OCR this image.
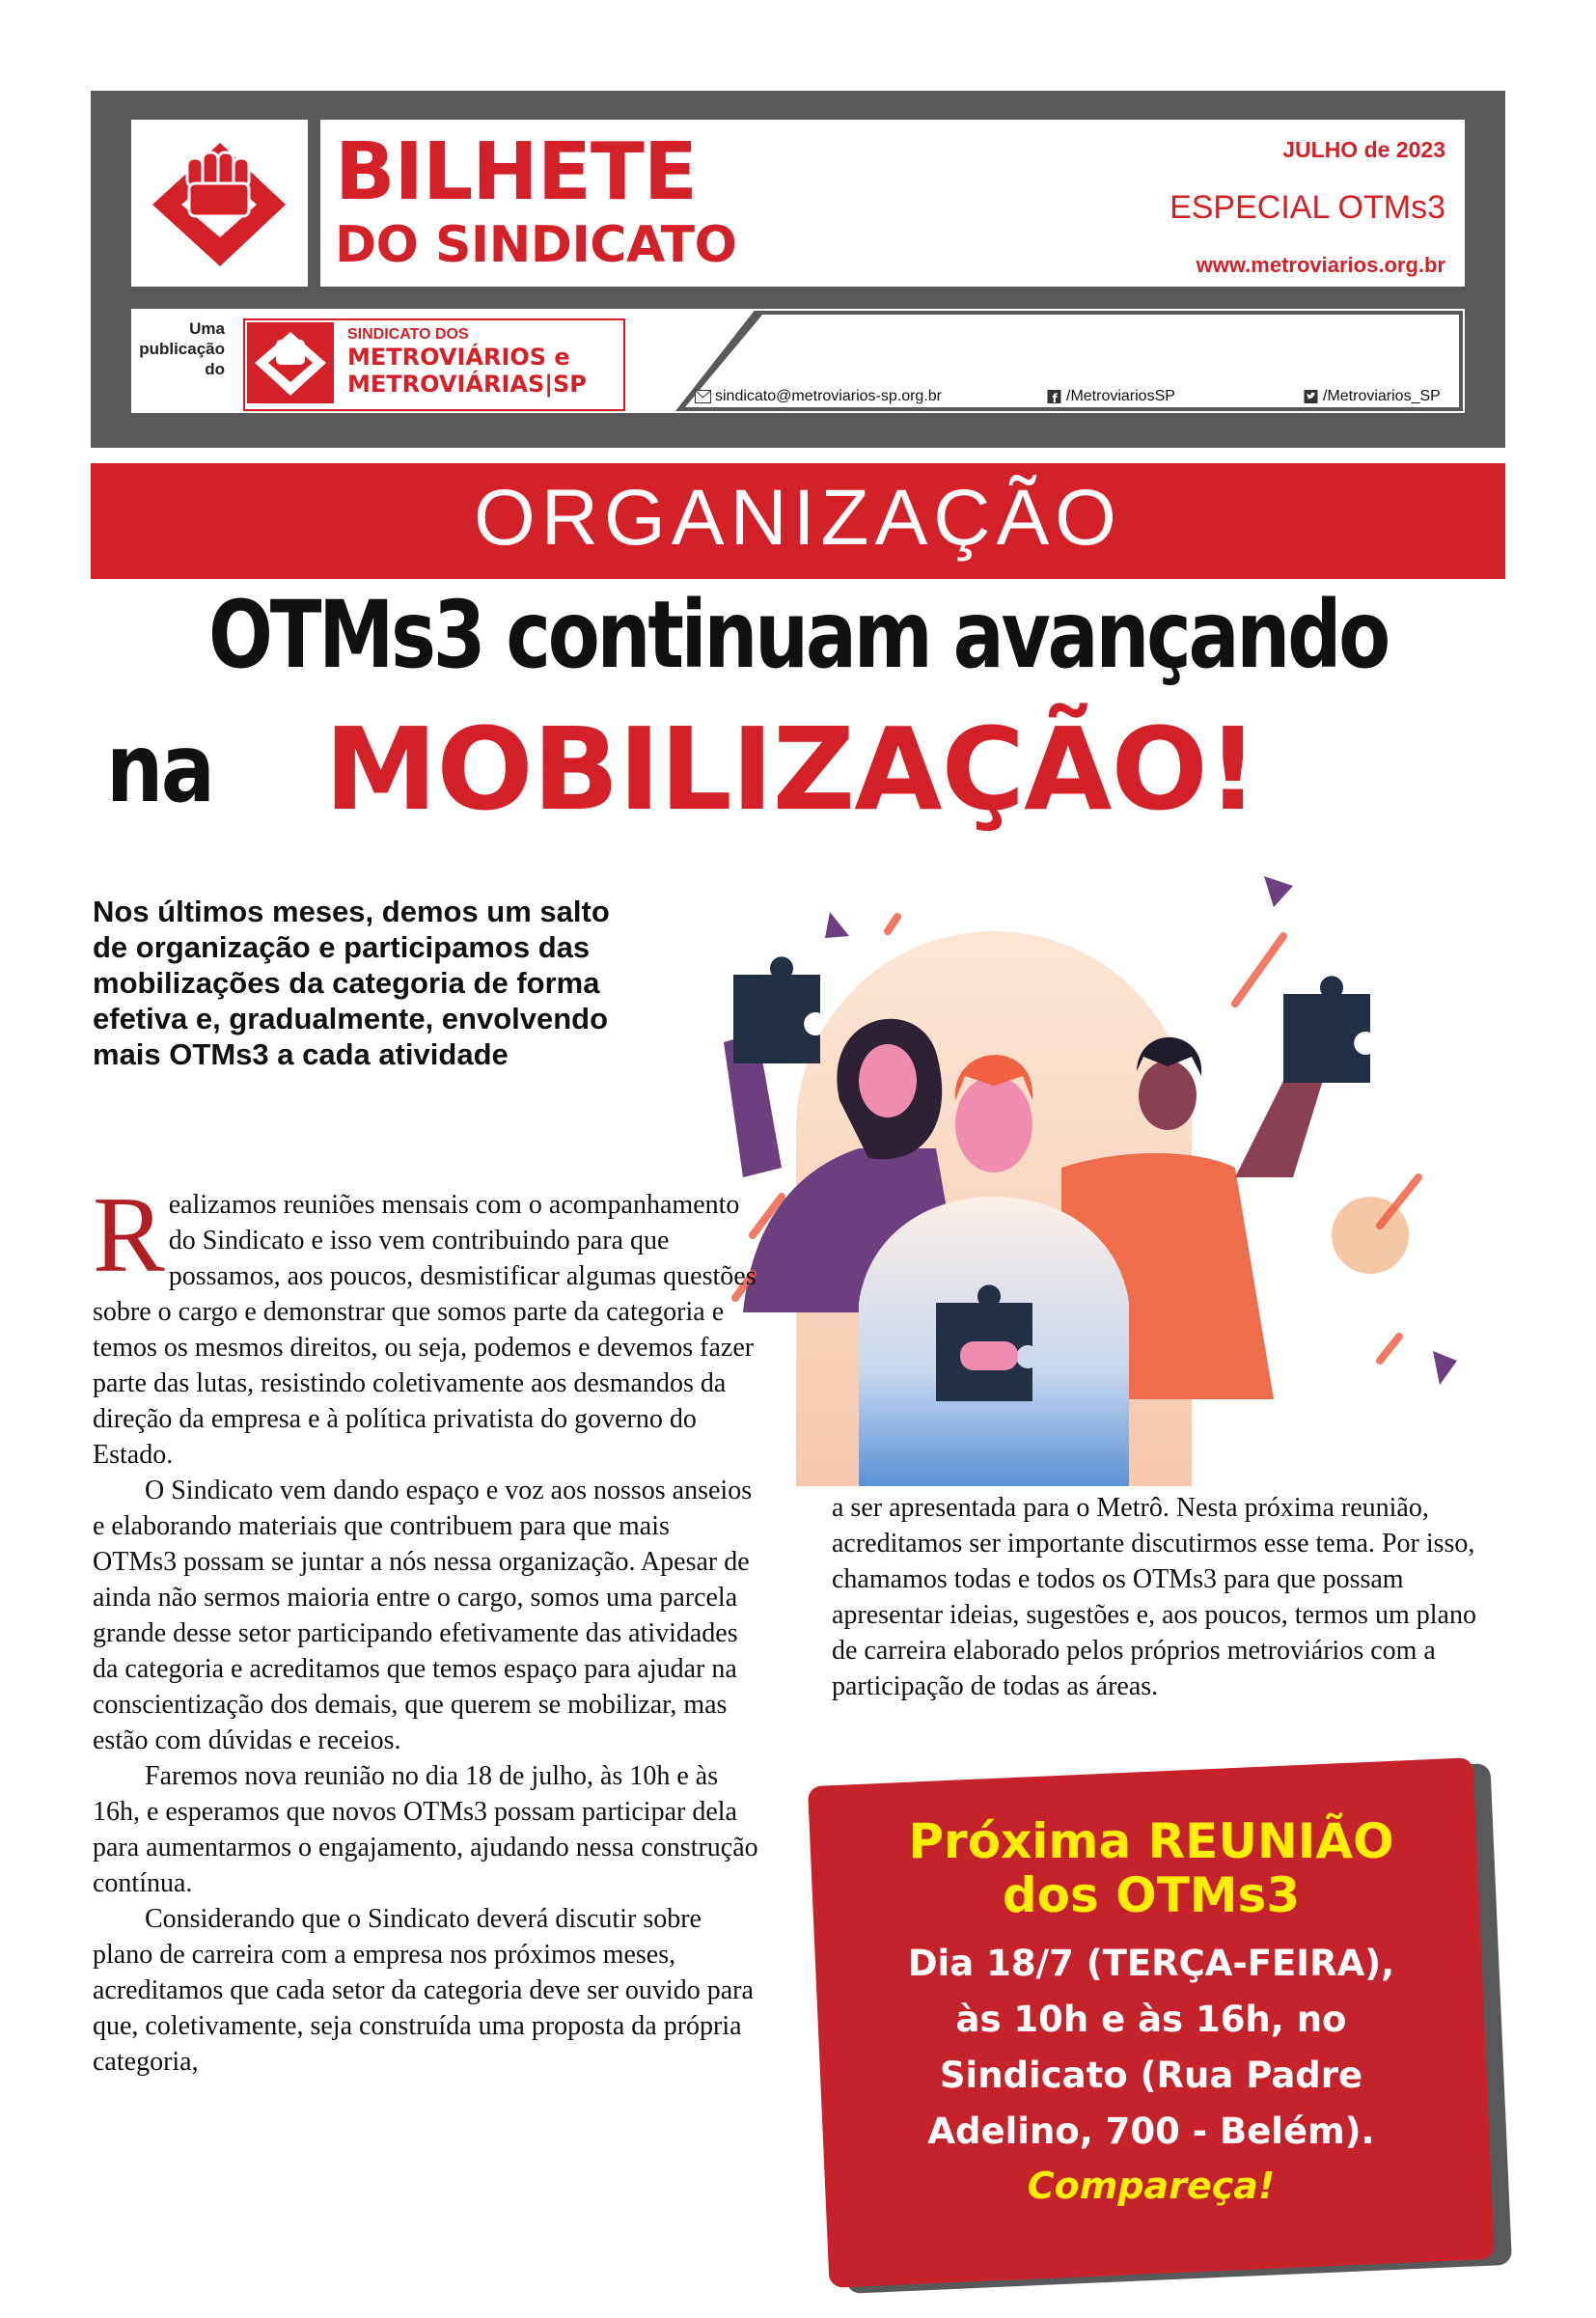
BILHETE
DO SINDICATO
JULHO de 2023
ESPECIAL OTMs3
www.metroviarios.org.br
Uma publicação do
SINDICATO DOS
METROVIÁRIOS e
METROVIÁRIAS|SP	sindicato@metroviarios-sp.org.br	f /MetroviariosSP	/Metroviarios_SP
ORGANIZAÇÃO
OTMs3 continuam avançando
na MOBILIZAÇÃO!
Nos últimos meses, demos um salto de organização e participamos das mobilizações da categoria de forma efetiva e, gradualmente, envolvendo mais OTMs3 a cada atividade

Realizamos reuniões mensais com o acompanhamento do Sindicato e isso vem contribuindo para que possamos, aos poucos, desmistificar algumas questões sobre o cargo e demonstrar que somos parte da categoria e temos os mesmos direitos, ou seja, podemos e devemos fazer parte das lutas, resistindo coletivamente aos desmandos da direção da empresa e à política privatista do governo do Estado.

O Sindicato vem dando espaço e voz aos nossos anseios e elaborando materiais que contribuem para que mais OTMs3 possam se juntar a nós nessa organização. Apesar de ainda não sermos maioria entre o cargo, somos uma parcela grande desse setor participando efetivamente das atividades da categoria e acreditamos que temos espaço para ajudar na conscientização dos demais, que querem se mobilizar, mas estão com dúvidas e receios.

Faremos nova reunião no dia 18 de julho, às 10h e às 16h, e esperamos que novos OTMs3 possam participar dela para aumentarmos o engajamento, ajudando nessa construção contínua.

Considerando que o Sindicato deverá discutir sobre plano de carreira com a empresa nos próximos meses, acreditamos que cada setor da categoria deve ser ouvido para que, coletivamente, seja construída uma proposta da própria categoria,

a ser apresentada para o Metrô. Nesta próxima reunião, acreditamos ser importante discutirmos esse tema. Por isso, chamamos todas e todos os OTMs3 para que possam apresentar ideias, sugestões e, aos poucos, termos um plano de carreira elaborado pelos próprios metroviários com a participação de todas as áreas.

Próxima REUNIÃO
dos OTMs3
Dia 18/7 (TERÇA-FEIRA),
às 10h e às 16h, no
Sindicato (Rua Padre
Adelino, 700 - Belém).
Compareça!
